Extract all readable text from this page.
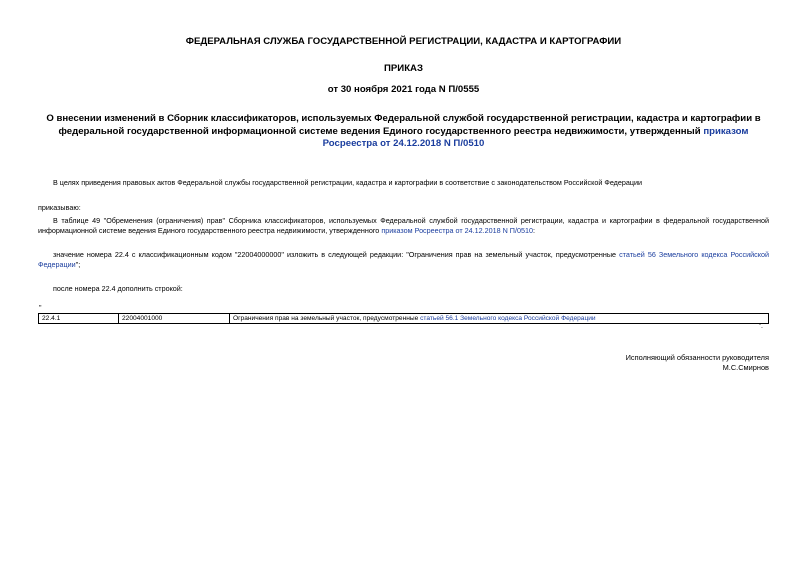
ФЕДЕРАЛЬНАЯ СЛУЖБА ГОСУДАРСТВЕННОЙ РЕГИСТРАЦИИ, КАДАСТРА И КАРТОГРАФИИ

ПРИКАЗ

от 30 ноября 2021 года N П/0555

О внесении изменений в Сборник классификаторов, используемых Федеральной службой государственной регистрации, кадастра и картографии в федеральной государственной информационной системе ведения Единого государственного реестра недвижимости, утвержденный приказом Росреестра от 24.12.2018 N П/0510

В целях приведения правовых актов Федеральной службы государственной регистрации, кадастра и картографии в соответствие с законодательством Российской Федерации

приказываю:

В таблице 49 "Обременения (ограничения) прав" Сборника классификаторов, используемых Федеральной службой государственной регистрации, кадастра и картографии в федеральной государственной информационной системе ведения Единого государственного реестра недвижимости, утвержденного приказом Росреестра от 24.12.2018 N П/0510:

значение номера 22.4 с классификационным кодом "22004000000" изложить в следующей редакции: "Ограничения прав на земельный участок, предусмотренные статьей 56 Земельного кодекса Российской Федерации";

после номера 22.4 дополнить строкой:

"
22.4.1	22004001000	Ограничения прав на земельный участок, предусмотренные статьей 56.1 Земельного кодекса Российской Федерации
".
Исполняющий обязанности руководителя
М.С.Смирнов
